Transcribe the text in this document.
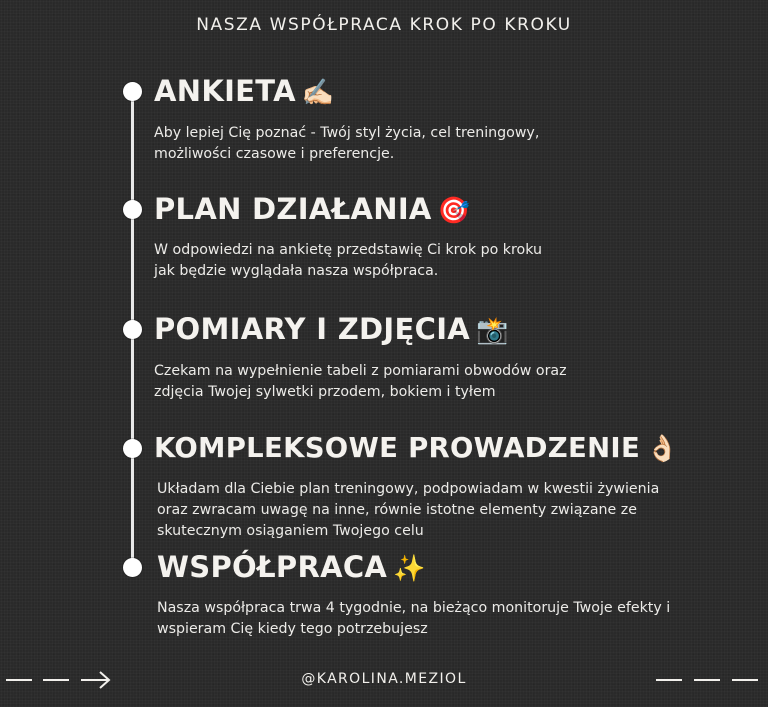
NASZA WSPÓŁPRACA KROK PO KROKU
ANKIETA ✍🏻
Aby lepiej Cię poznać - Twój styl życia, cel treningowy,
możliwości czasowe i preferencje.
PLAN DZIAŁANIA 🎯
W odpowiedzi na ankietę przedstawię Ci krok po kroku
jak będzie wyglądała nasza współpraca.
POMIARY I ZDJĘCIA 📸
Czekam na wypełnienie tabeli z pomiarami obwodów oraz
zdjęcia Twojej sylwetki przodem, bokiem i tyłem
KOMPLEKSOWE PROWADZENIE 👌🏻
Układam dla Ciebie plan treningowy, podpowiadam w kwestii żywienia
oraz zwracam uwagę na inne, równie istotne elementy związane ze
skutecznym osiąganiem Twojego celu
WSPÓŁPRACA ✨
Nasza współpraca trwa 4 tygodnie, na bieżąco monitoruje Twoje efekty i
wspieram Cię kiedy tego potrzebujesz
@KAROLINA.MEZIOL
